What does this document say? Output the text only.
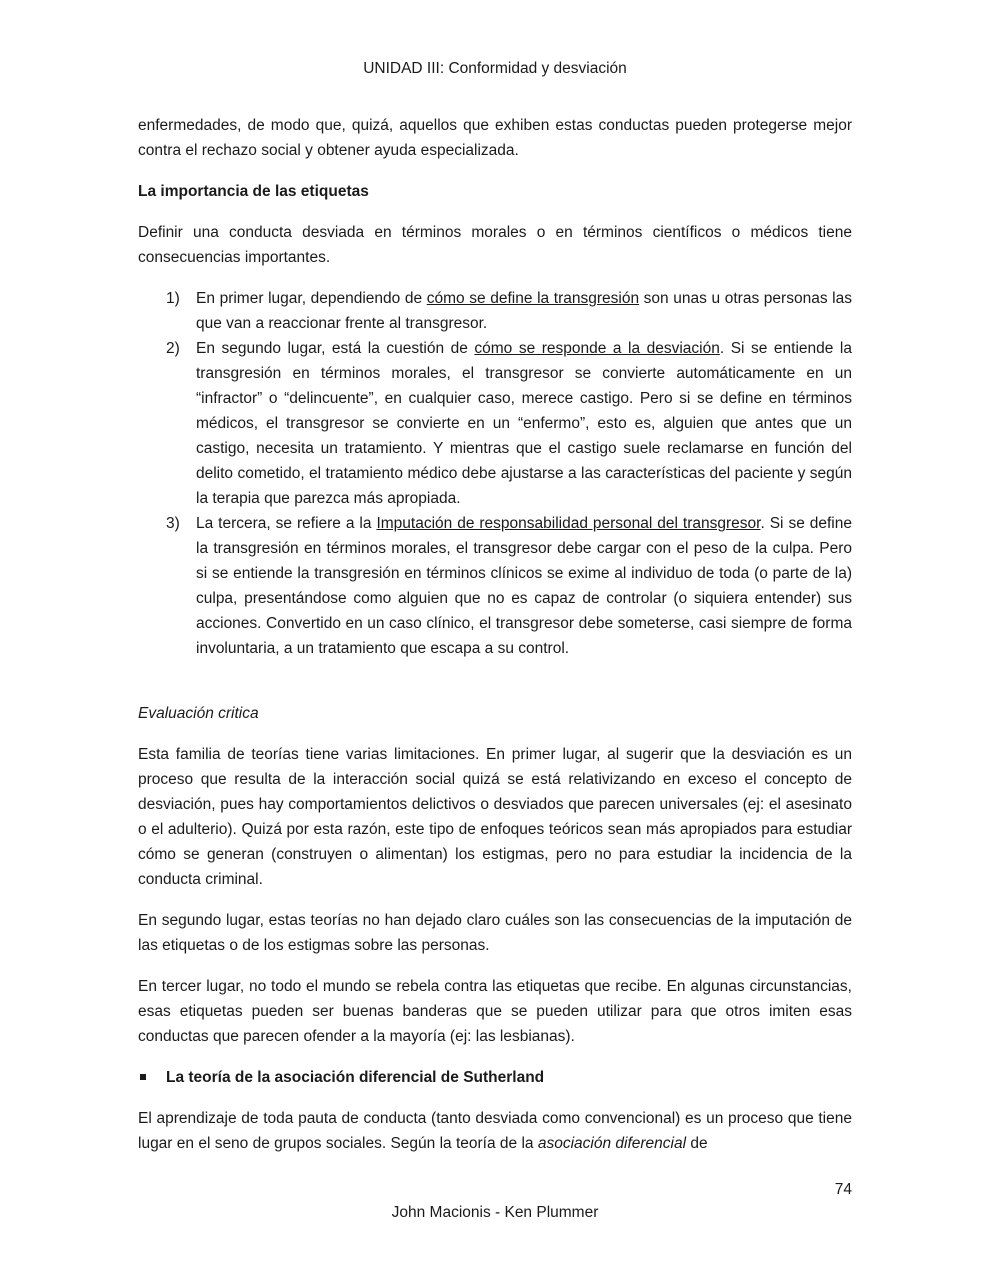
UNIDAD III: Conformidad y desviación

enfermedades, de modo que, quizá, aquellos que exhiben estas conductas pueden protegerse mejor contra el rechazo social y obtener ayuda especializada.

La importancia de las etiquetas

Definir una conducta desviada en términos morales o en términos científicos o médicos tiene consecuencias importantes.

1) En primer lugar, dependiendo de cómo se define la transgresión son unas u otras personas las que van a reaccionar frente al transgresor.
2) En segundo lugar, está la cuestión de cómo se responde a la desviación. Si se entiende la transgresión en términos morales, el transgresor se convierte automáticamente en un “infractor” o “delincuente”, en cualquier caso, merece castigo. Pero si se define en términos médicos, el transgresor se convierte en un “enfermo”, esto es, alguien que antes que un castigo, necesita un tratamiento. Y mientras que el castigo suele reclamarse en función del delito cometido, el tratamiento médico debe ajustarse a las características del paciente y según la terapia que parezca más apropiada.
3) La tercera, se refiere a la Imputación de responsabilidad personal del transgresor. Si se define la transgresión en términos morales, el transgresor debe cargar con el peso de la culpa. Pero si se entiende la transgresión en términos clínicos se exime al individuo de toda (o parte de la) culpa, presentándose como alguien que no es capaz de controlar (o siquiera entender) sus acciones. Convertido en un caso clínico, el transgresor debe someterse, casi siempre de forma involuntaria, a un tratamiento que escapa a su control.

Evaluación critica

Esta familia de teorías tiene varias limitaciones. En primer lugar, al sugerir que la desviación es un proceso que resulta de la interacción social quizá se está relativizando en exceso el concepto de desviación, pues hay comportamientos delictivos o desviados que parecen universales (ej: el asesinato o el adulterio). Quizá por esta razón, este tipo de enfoques teóricos sean más apropiados para estudiar cómo se generan (construyen o alimentan) los estigmas, pero no para estudiar la incidencia de la conducta criminal.

En segundo lugar, estas teorías no han dejado claro cuáles son las consecuencias de la imputación de las etiquetas o de los estigmas sobre las personas.

En tercer lugar, no todo el mundo se rebela contra las etiquetas que recibe. En algunas circunstancias, esas etiquetas pueden ser buenas banderas que se pueden utilizar para que otros imiten esas conductas que parecen ofender a la mayoría (ej: las lesbianas).

La teoría de la asociación diferencial de Sutherland

El aprendizaje de toda pauta de conducta (tanto desviada como convencional) es un proceso que tiene lugar en el seno de grupos sociales. Según la teoría de la asociación diferencial de

74
John Macionis - Ken Plummer
